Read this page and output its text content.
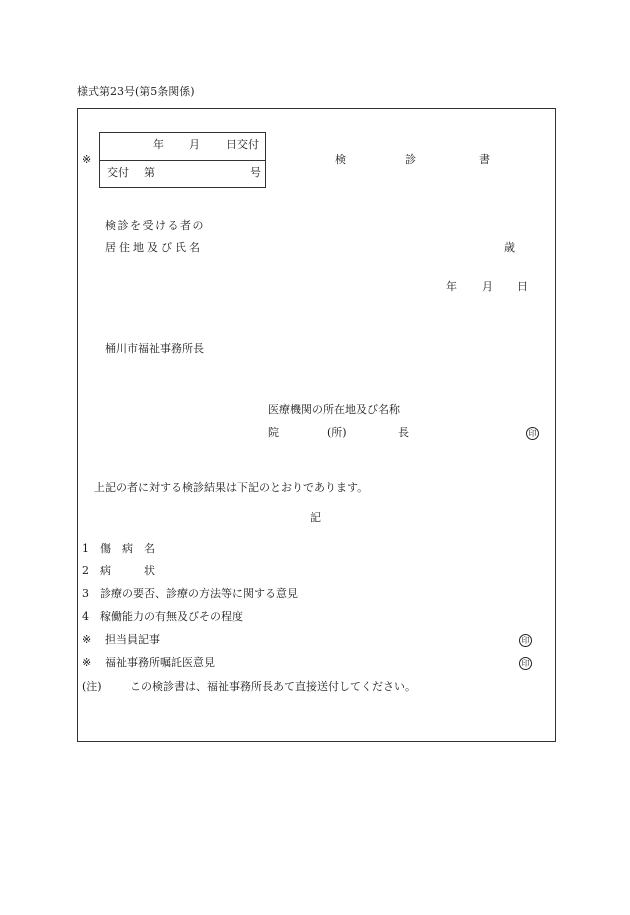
様式第23号(第5条関係)
※
年 月 日交付
交付 第	号
検	診	書
検診を受ける者の
居住地及び氏名	歳
年 月 日
桶川市福祉事務所長
医療機関の所在地及び名称
院	(所)	長	印
上記の者に対する検診結果は下記のとおりであります。
記
1 傷　病　名
2 病　　　状
3 診療の要否、診療の方法等に関する意見
4 稼働能力の有無及びその程度
※ 担当員記事	印
※ 福祉事務所嘱託医意見	印
(注)	この検診書は、福祉事務所長あて直接送付してください。
